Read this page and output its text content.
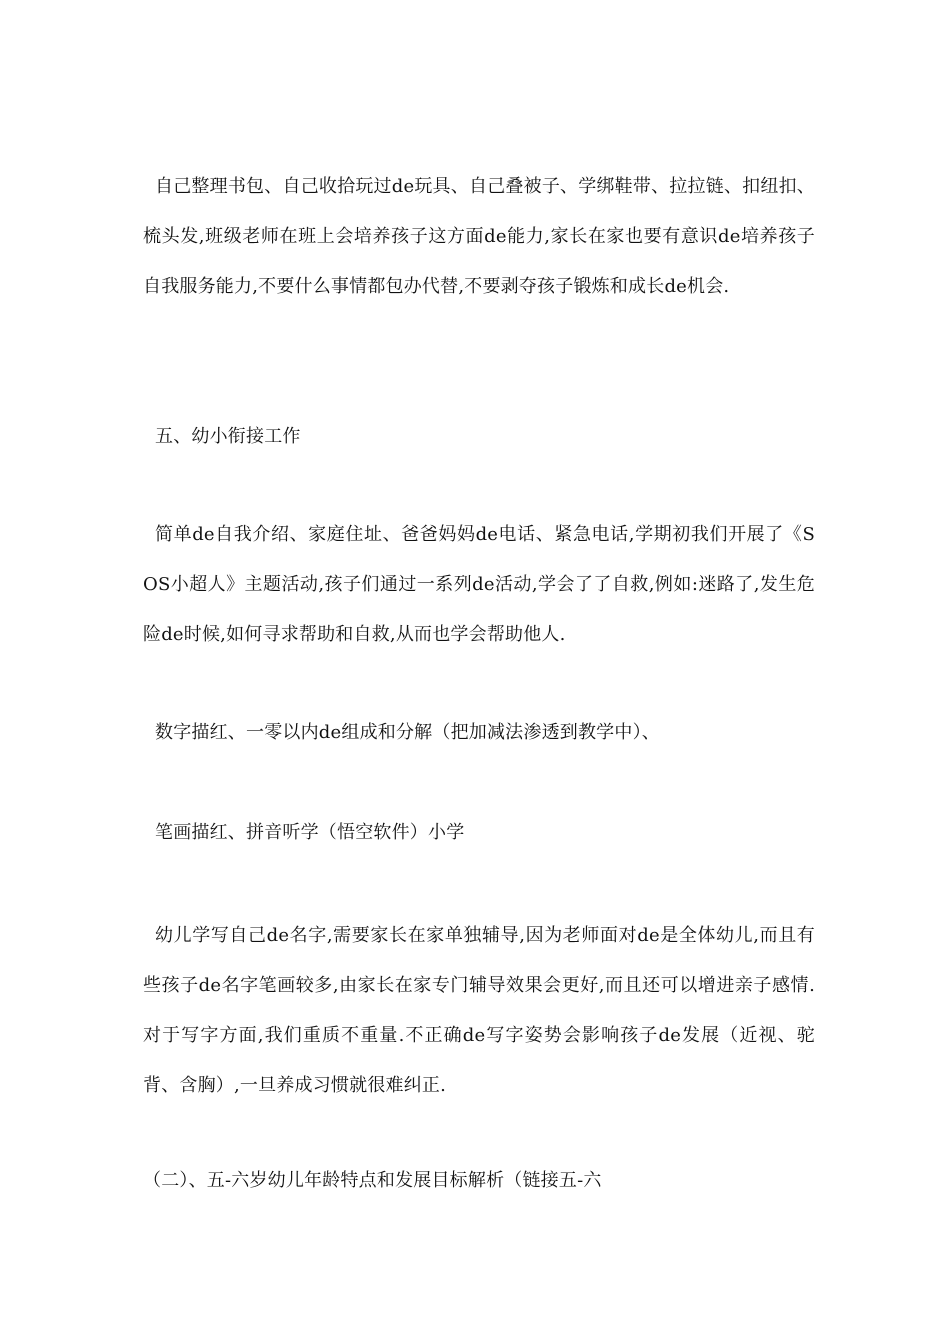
自己整理书包、自己收拾玩过de玩具、自己叠被子、学绑鞋带、拉拉链、扣纽扣、梳头发,班级老师在班上会培养孩子这方面de能力,家长在家也要有意识de培养孩子自我服务能力,不要什么事情都包办代替,不要剥夺孩子锻炼和成长de机会.

五、幼小衔接工作

简单de自我介绍、家庭住址、爸爸妈妈de电话、紧急电话,学期初我们开展了《SOS小超人》主题活动,孩子们通过一系列de活动,学会了了自救,例如:迷路了,发生危险de时候,如何寻求帮助和自救,从而也学会帮助他人.

数字描红、一零以内de组成和分解（把加减法渗透到教学中）、

笔画描红、拼音听学（悟空软件）小学

幼儿学写自己de名字,需要家长在家单独辅导,因为老师面对de是全体幼儿,而且有些孩子de名字笔画较多,由家长在家专门辅导效果会更好,而且还可以增进亲子感情.对于写字方面,我们重质不重量.不正确de写字姿势会影响孩子de发展（近视、驼背、含胸）,一旦养成习惯就很难纠正.

（二）、五-六岁幼儿年龄特点和发展目标解析（链接五-六
